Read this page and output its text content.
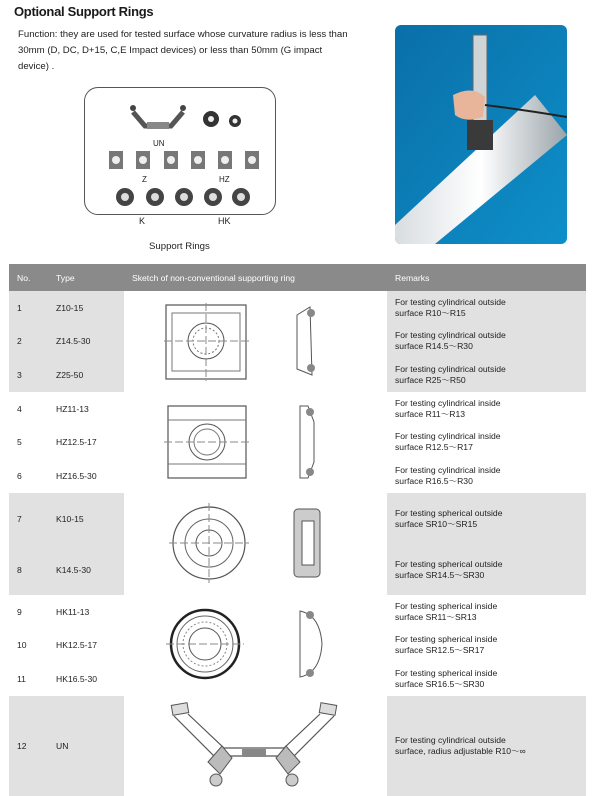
Optional Support Rings
Function: they are used for tested surface whose curvature radius is less than 30mm (D, DC, D+15, C,E Impact devices) or less than 50mm (G impact device) .
UN
Z	HZ
K	HK
Support Rings
No.	Type	Sketch of non-conventional supporting ring	Remarks
1	Z10-15		For testing cylindrical outside
surface R10～R15
2	Z14.5-30		For testing cylindrical outside
surface R14.5～R30
3	Z25-50		For testing cylindrical outside
surface R25～R50
4	HZ11-13		For testing cylindrical inside
surface R11～R13
5	HZ12.5-17		For testing cylindrical inside
surface R12.5～R17
6	HZ16.5-30		For testing cylindrical inside
surface R16.5～R30
7	K10-15		For testing spherical outside
surface SR10～SR15
8	K14.5-30		For testing spherical outside
surface SR14.5～SR30
9	HK11-13		For testing spherical inside
surface SR11～SR13
10	HK12.5-17		For testing spherical inside
surface SR12.5～SR17
11	HK16.5-30		For testing spherical inside
surface SR16.5～SR30
12	UN		For testing cylindrical outside
surface, radius adjustable R10～∞
